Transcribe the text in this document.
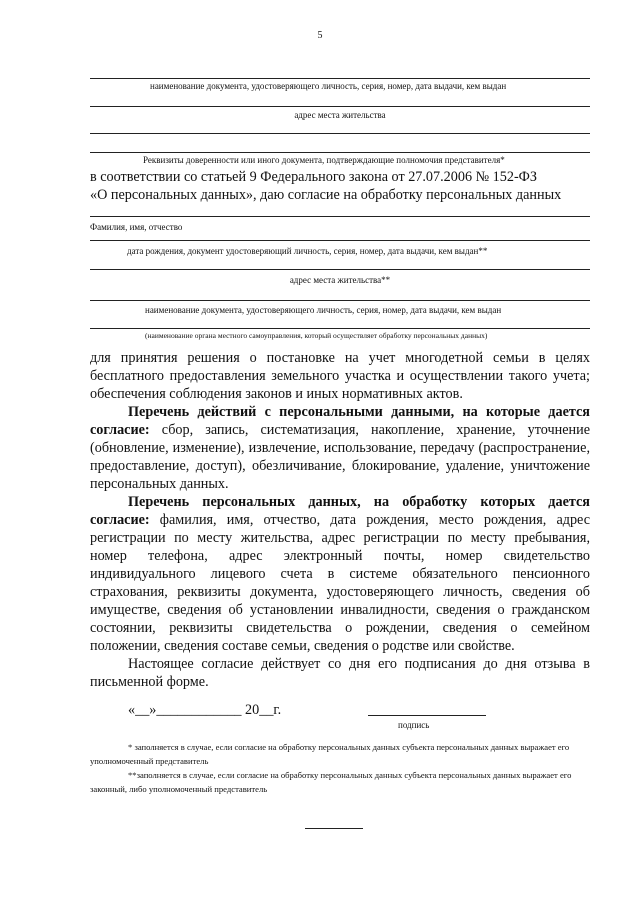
5
наименование документа, удостоверяющего личность, серия, номер, дата выдачи, кем выдан
адрес места жительства
Реквизиты доверенности или иного документа, подтверждающие полномочия представителя*
в соответствии со статьей 9 Федерального закона от 27.07.2006 № 152-ФЗ
«О персональных данных», даю согласие на обработку персональных данных
Фамилия, имя, отчество
дата рождения, документ удостоверяющий личность, серия, номер, дата выдачи, кем выдан**
адрес места жительства**
наименование документа, удостоверяющего личность, серия, номер, дата выдачи, кем выдан
(наименование органа местного самоуправления, который осуществляет обработку персональных данных)

для принятия решения о постановке на учет многодетной семьи в целях бесплатного предоставления земельного участка и осуществлении такого учета; обеспечения соблюдения законов и иных нормативных актов.

Перечень действий с персональными данными, на которые дается согласие: сбор, запись, систематизация, накопление, хранение, уточнение (обновление, изменение), извлечение, использование, передачу (распространение, предоставление, доступ), обезличивание, блокирование, удаление, уничтожение персональных данных.

Перечень персональных данных, на обработку которых дается согласие: фамилия, имя, отчество, дата рождения, место рождения, адрес регистрации по месту жительства, адрес регистрации по месту пребывания, номер телефона, адрес электронный почты, номер свидетельство индивидуального лицевого счета в системе обязательного пенсионного страхования, реквизиты документа, удостоверяющего личность, сведения об имуществе, сведения об установлении инвалидности, сведения о гражданском состоянии, реквизиты свидетельства о рождении, сведения о семейном положении, сведения составе семьи, сведения о родстве или свойстве.

Настоящее согласие действует со дня его подписания до дня отзыва в письменной форме.

«__»____________ 20__г.
подпись
* заполняется в случае, если согласие на обработку персональных данных субъекта персональных данных выражает его уполномоченный представитель
**заполняется в случае, если согласие на обработку персональных данных субъекта персональных данных выражает его законный, либо уполномоченный представитель
